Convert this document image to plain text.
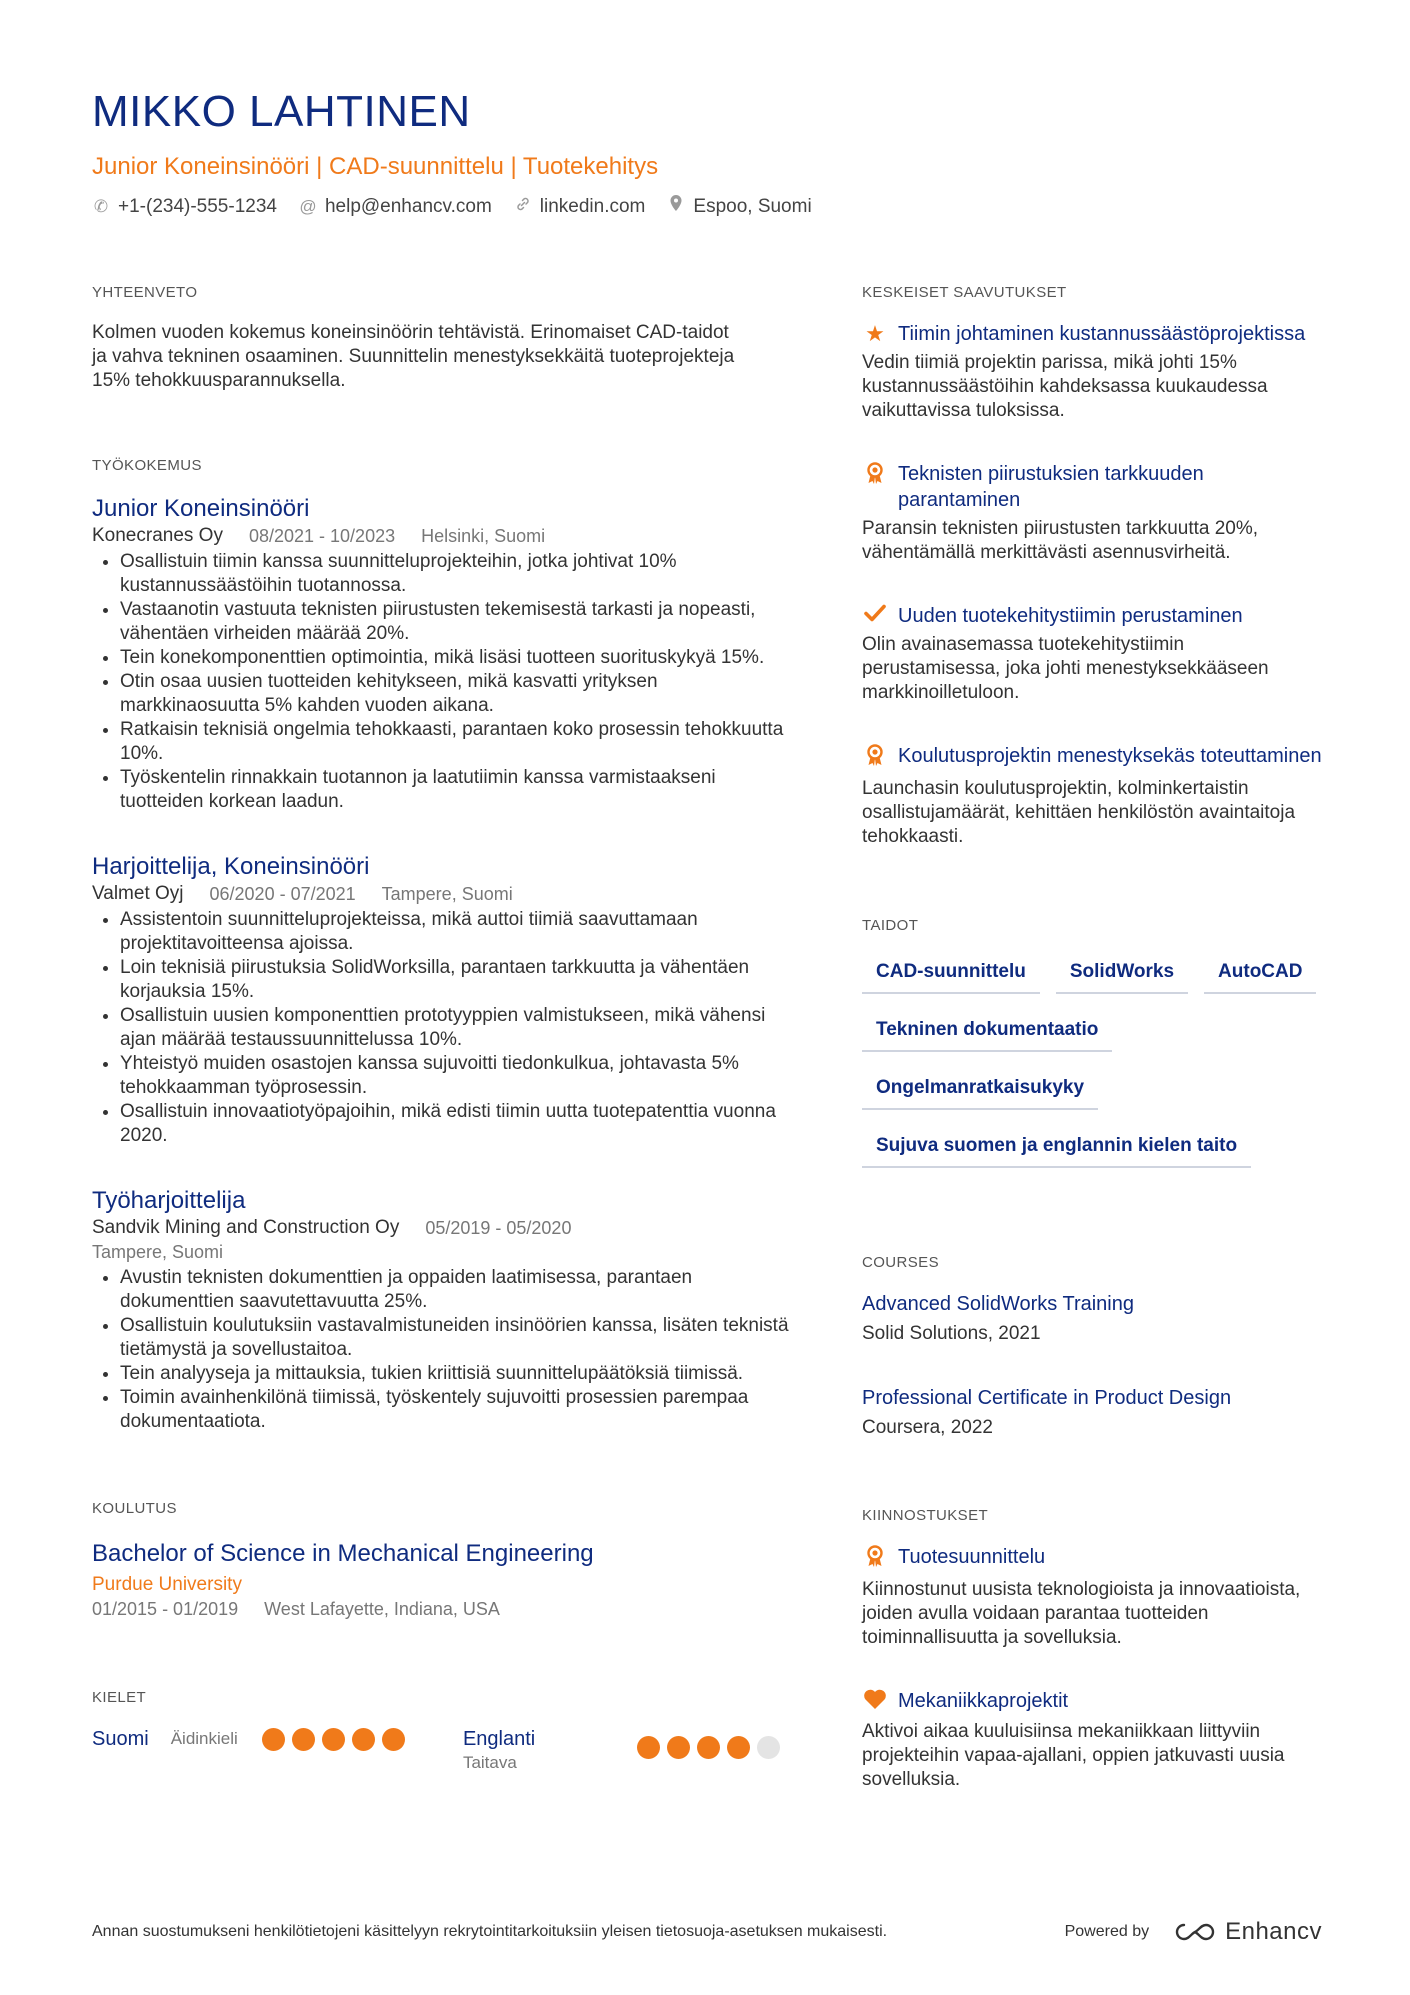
MIKKO LAHTINEN
Junior Koneinsinööri | CAD-suunnittelu | Tuotekehitys
✆ +1-(234)-555-1234 @ help@enhancv.com	linkedin.com	Espoo, Suomi
YHTEENVETO
Kolmen vuoden kokemus koneinsinöörin tehtävistä. Erinomaiset CAD-taidot ja vahva tekninen osaaminen. Suunnittelin menestyksekkäitä tuoteprojekteja 15% tehokkuusparannuksella.
TYÖKOKEMUS
Junior Koneinsinööri
Konecranes Oy 08/2021 - 10/2023 Helsinki, Suomi
• Osallistuin tiimin kanssa suunnitteluprojekteihin, jotka johtivat 10% kustannussäästöihin tuotannossa.
• Vastaanotin vastuuta teknisten piirustusten tekemisestä tarkasti ja nopeasti, vähentäen virheiden määrää 20%.
• Tein konekomponenttien optimointia, mikä lisäsi tuotteen suorituskykyä 15%.
• Otin osaa uusien tuotteiden kehitykseen, mikä kasvatti yrityksen markkinaosuutta 5% kahden vuoden aikana.
• Ratkaisin teknisiä ongelmia tehokkaasti, parantaen koko prosessin tehokkuutta 10%.
• Työskentelin rinnakkain tuotannon ja laatutiimin kanssa varmistaakseni tuotteiden korkean laadun.
Harjoittelija, Koneinsinööri
Valmet Oyj 06/2020 - 07/2021 Tampere, Suomi
• Assistentoin suunnitteluprojekteissa, mikä auttoi tiimiä saavuttamaan projektitavoitteensa ajoissa.
• Loin teknisiä piirustuksia SolidWorksilla, parantaen tarkkuutta ja vähentäen korjauksia 15%.
• Osallistuin uusien komponenttien prototyyppien valmistukseen, mikä vähensi ajan määrää testaussuunnittelussa 10%.
• Yhteistyö muiden osastojen kanssa sujuvoitti tiedonkulkua, johtavasta 5% tehokkaamman työprosessin.
• Osallistuin innovaatiotyöpajoihin, mikä edisti tiimin uutta tuotepatenttia vuonna 2020.
Työharjoittelija
Sandvik Mining and Construction Oy 05/2019 - 05/2020
Tampere, Suomi
• Avustin teknisten dokumenttien ja oppaiden laatimisessa, parantaen dokumenttien saavutettavuutta 25%.
• Osallistuin koulutuksiin vastavalmistuneiden insinöörien kanssa, lisäten teknistä tietämystä ja sovellustaitoa.
• Tein analyyseja ja mittauksia, tukien kriittisiä suunnittelupäätöksiä tiimissä.
• Toimin avainhenkilönä tiimissä, työskentely sujuvoitti prosessien parempaa dokumentaatiota.
KOULUTUS
Bachelor of Science in Mechanical Engineering
Purdue University
01/2015 - 01/2019 West Lafayette, Indiana, USA
KIELET
Suomi Äidinkieli	Englanti
Taitava
KESKEISET SAAVUTUKSET
★ Tiimin johtaminen kustannussäästöprojektissa
Vedin tiimiä projektin parissa, mikä johti 15% kustannussäästöihin kahdeksassa kuukaudessa vaikuttavissa tuloksissa.
Teknisten piirustuksien tarkkuuden parantaminen
Paransin teknisten piirustusten tarkkuutta 20%, vähentämällä merkittävästi asennusvirheitä.
Uuden tuotekehitystiimin perustaminen
Olin avainasemassa tuotekehitystiimin perustamisessa, joka johti menestyksekkääseen markkinoilletuloon.
Koulutusprojektin menestyksekäs toteuttaminen
Launchasin koulutusprojektin, kolminkertaistin osallistujamäärät, kehittäen henkilöstön avaintaitoja tehokkaasti.
TAIDOT
CAD-suunnittelu	SolidWorks	AutoCAD
Tekninen dokumentaatio
Ongelmanratkaisukyky
Sujuva suomen ja englannin kielen taito
COURSES
Advanced SolidWorks Training
Solid Solutions, 2021
Professional Certificate in Product Design
Coursera, 2022
KIINNOSTUKSET
Tuotesuunnittelu
Kiinnostunut uusista teknologioista ja innovaatioista, joiden avulla voidaan parantaa tuotteiden toiminnallisuutta ja sovelluksia.
Mekaniikkaprojektit
Aktivoi aikaa kuuluisiinsa mekaniikkaan liittyviin projekteihin vapaa-ajallani, oppien jatkuvasti uusia sovelluksia.
Annan suostumukseni henkilötietojeni käsittelyyn rekrytointitarkoituksiin yleisen tietosuoja-asetuksen mukaisesti.	Powered by	Enhancv
